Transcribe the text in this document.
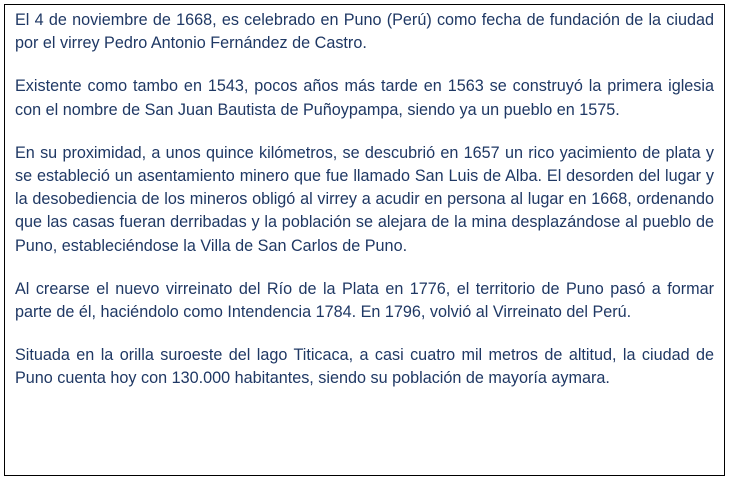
El 4 de noviembre de 1668, es celebrado en Puno (Perú) como fecha de fundación de la ciudad por el virrey Pedro Antonio Fernández de Castro.

Existente como tambo en 1543, pocos años más tarde en 1563 se construyó la primera iglesia con el nombre de San Juan Bautista de Puñoypampa, siendo ya un pueblo en 1575.

En su proximidad, a unos quince kilómetros, se descubrió en 1657 un rico yacimiento de plata y se estableció un asentamiento minero que fue llamado San Luis de Alba. El desorden del lugar y la desobediencia de los mineros obligó al virrey a acudir en persona al lugar en 1668, ordenando que las casas fueran derribadas y la población se alejara de la mina desplazándose al pueblo de Puno, estableciéndose la Villa de San Carlos de Puno.

Al crearse el nuevo virreinato del Río de la Plata en 1776, el territorio de Puno pasó a formar parte de él, haciéndolo como Intendencia 1784. En 1796, volvió al Virreinato del Perú.

Situada en la orilla suroeste del lago Titicaca, a casi cuatro mil metros de altitud, la ciudad de Puno cuenta hoy con 130.000 habitantes, siendo su población de mayoría aymara.
